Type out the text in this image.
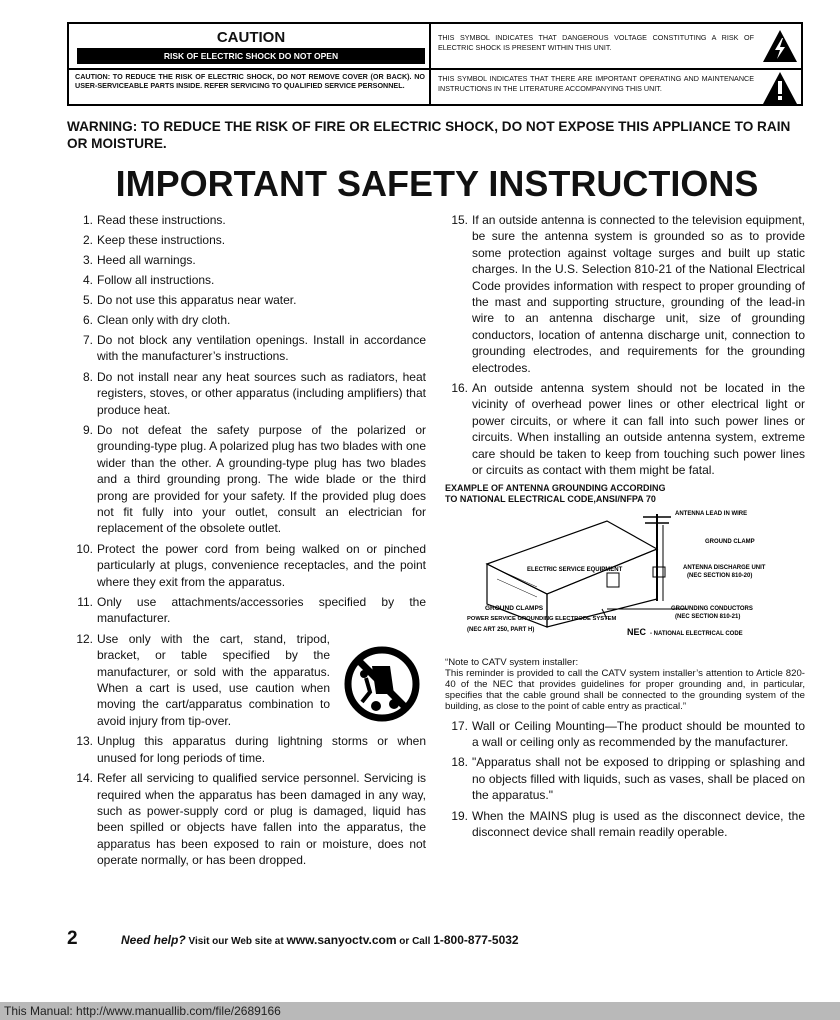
CAUTION
RISK OF ELECTRIC SHOCK DO NOT OPEN
CAUTION: TO REDUCE THE RISK OF ELECTRIC SHOCK, DO NOT REMOVE COVER (OR BACK). NO USER-SERVICEABLE PARTS INSIDE. REFER SERVICING TO QUALIFIED SERVICE PERSONNEL.
THIS SYMBOL INDICATES THAT DANGEROUS VOLTAGE CONSTITUTING A RISK OF ELECTRIC SHOCK IS PRESENT WITHIN THIS UNIT.
THIS SYMBOL INDICATES THAT THERE ARE IMPORTANT OPERATING AND MAINTENANCE INSTRUCTIONS IN THE LITERATURE ACCOMPANYING THIS UNIT.
WARNING: TO REDUCE THE RISK OF FIRE OR ELECTRIC SHOCK, DO NOT EXPOSE THIS APPLIANCE TO RAIN OR MOISTURE.
IMPORTANT SAFETY INSTRUCTIONS
1. Read these instructions.
2. Keep these instructions.
3. Heed all warnings.
4. Follow all instructions.
5. Do not use this apparatus near water.
6. Clean only with dry cloth.
7. Do not block any ventilation openings. Install in accordance with the manufacturer’s instructions.
8. Do not install near any heat sources such as radiators, heat registers, stoves, or other apparatus (including amplifiers) that produce heat.
9. Do not defeat the safety purpose of the polarized or grounding-type plug. A polarized plug has two blades with one wider than the other. A grounding-type plug has two blades and a third grounding prong. The wide blade or the third prong are provided for your safety. If the provided plug does not fit fully into your outlet, consult an electrician for replacement of the obsolete outlet.
10. Protect the power cord from being walked on or pinched particularly at plugs, convenience receptacles, and the point where they exit from the apparatus.
11. Only use attachments/accessories specified by the manufacturer.
12. Use only with the cart, stand, tripod, bracket, or table specified by the manufacturer, or sold with the apparatus. When a cart is used, use caution when moving the cart/apparatus combination to avoid injury from tip-over.
13. Unplug this apparatus during lightning storms or when unused for long periods of time.
14. Refer all servicing to qualified service personnel. Servicing is required when the apparatus has been damaged in any way, such as power-supply cord or plug is damaged, liquid has been spilled or objects have fallen into the apparatus, the apparatus has been exposed to rain or moisture, does not operate normally, or has been dropped.
15. If an outside antenna is connected to the television equipment, be sure the antenna system is grounded so as to provide some protection against voltage surges and built up static charges. In the U.S. Selection 810-21 of the National Electrical Code provides information with respect to proper grounding of the mast and supporting structure, grounding of the lead-in wire to an antenna discharge unit, size of grounding conductors, location of antenna discharge unit, connection to grounding electrodes, and requirements for the grounding electrodes.
16. An outside antenna system should not be located in the vicinity of overhead power lines or other electrical light or power circuits, or where it can fall into such power lines or circuits. When installing an outside antenna system, extreme care should be taken to keep from touching such power lines or circuits as contact with them might be fatal.
EXAMPLE OF ANTENNA GROUNDING ACCORDING
TO NATIONAL ELECTRICAL CODE,ANSI/NFPA 70
ANTENNA LEAD IN WIRE
GROUND CLAMP
ELECTRIC SERVICE EQUIPMENT	ANTENNA DISCHARGE UNIT
(NEC SECTION 810-20)
GROUND CLAMPS	GROUNDING CONDUCTORS
(NEC SECTION 810-21)
POWER SERVICE GROUNDING ELECTRODE SYSTEM
(NEC ART 250, PART H)	NEC - NATIONAL ELECTRICAL CODE
“Note to CATV system installer:
This reminder is provided to call the CATV system installer’s attention to Article 820-40 of the NEC that provides guidelines for proper grounding and, in particular, specifies that the cable ground shall be connected to the grounding system of the building, as close to the point of cable entry as practical.”
17. Wall or Ceiling Mounting—The product should be mounted to a wall or ceiling only as recommended by the manufacturer.
18. "Apparatus shall not be exposed to dripping or splashing and no objects filled with liquids, such as vases, shall be placed on the apparatus."
19. When the MAINS plug is used as the disconnect device, the disconnect device shall remain readily operable.
2	Need help? Visit our Web site at www.sanyoctv.com or Call 1-800-877-5032
This Manual: http://www.manuallib.com/file/2689166
